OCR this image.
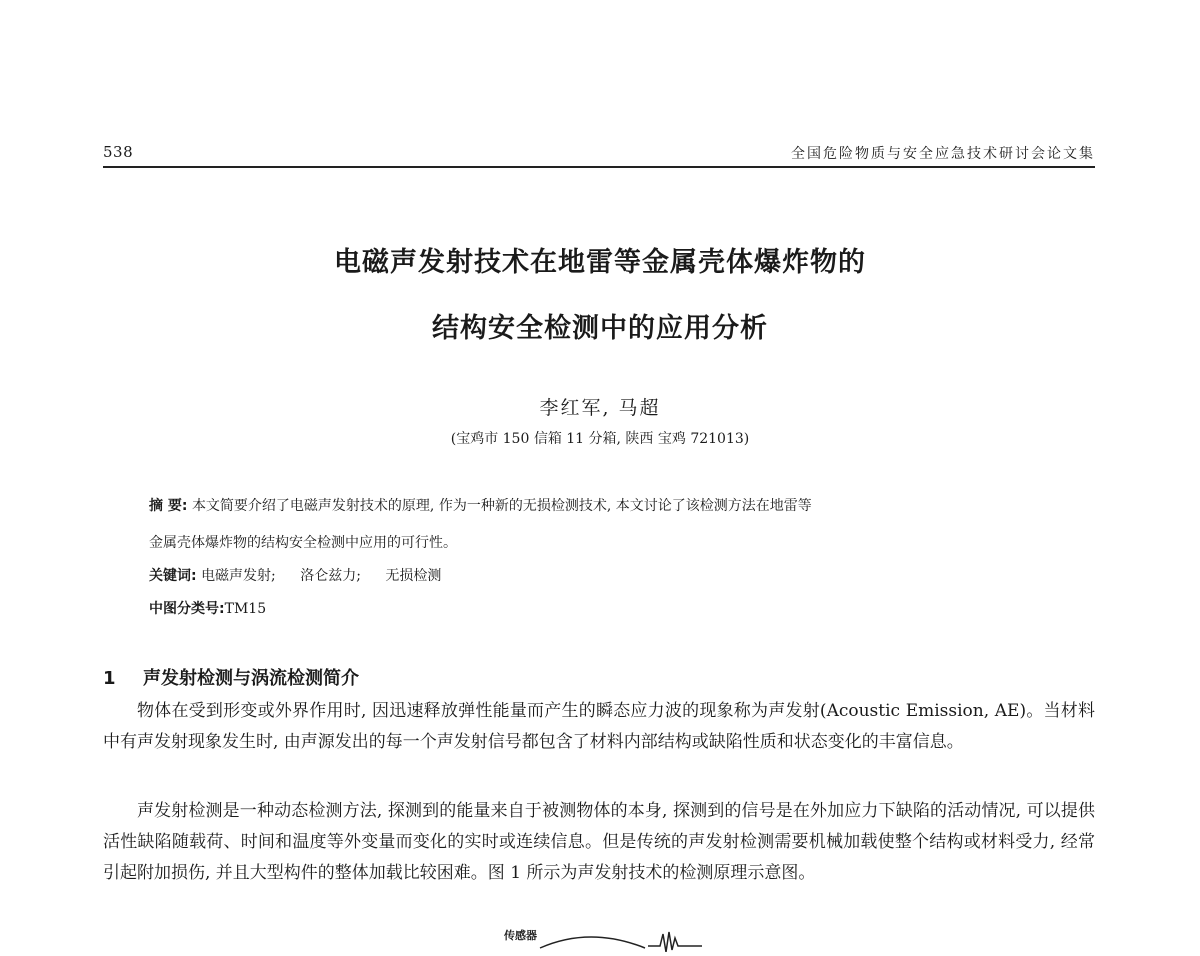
538	全国危险物质与安全应急技术研讨会论文集
电磁声发射技术在地雷等金属壳体爆炸物的
结构安全检测中的应用分析
李红军, 马超
(宝鸡市 150 信箱 11 分箱, 陕西 宝鸡 721013)
摘 要: 本文简要介绍了电磁声发射技术的原理, 作为一种新的无损检测技术, 本文讨论了该检测方法在地雷等
金属壳体爆炸物的结构安全检测中应用的可行性。
关键词: 电磁声发射; 洛仑兹力; 无损检测
中图分类号:TM15
1 声发射检测与涡流检测简介

物体在受到形变或外界作用时, 因迅速释放弹性能量而产生的瞬态应力波的现象称为声发射(Acoustic Emission, AE)。当材料中有声发射现象发生时, 由声源发出的每一个声发射信号都包含了材料内部结构或缺陷性质和状态变化的丰富信息。

声发射检测是一种动态检测方法, 探测到的能量来自于被测物体的本身, 探测到的信号是在外加应力下缺陷的活动情况, 可以提供活性缺陷随载荷、时间和温度等外变量而变化的实时或连续信息。但是传统的声发射检测需要机械加载使整个结构或材料受力, 经常引起附加损伤, 并且大型构件的整体加载比较困难。图 1 所示为声发射技术的检测原理示意图。

传感器
